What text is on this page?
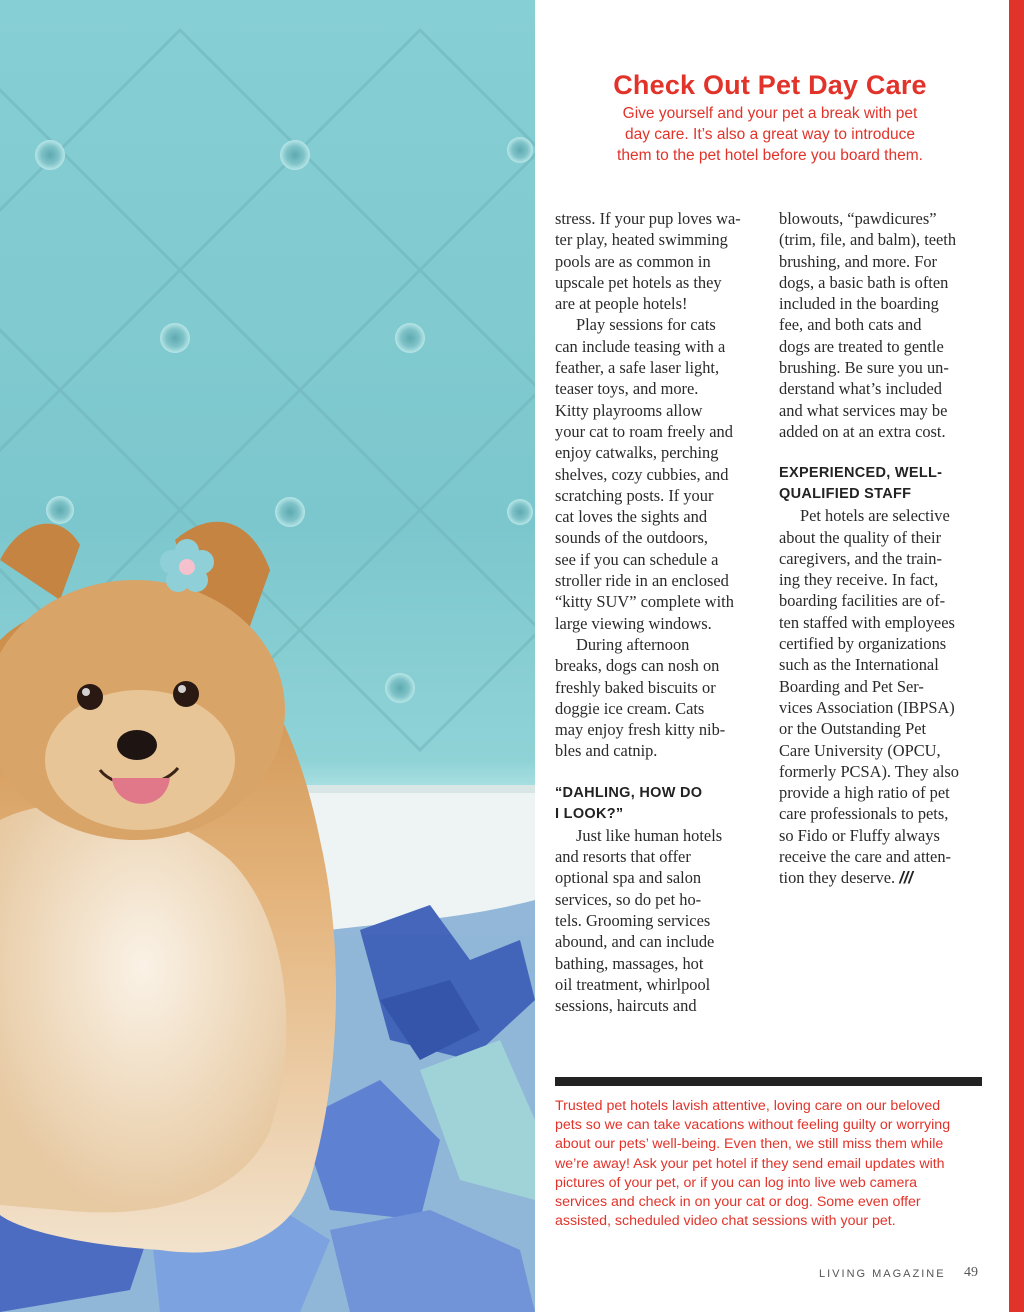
Check Out Pet Day Care
Give yourself and your pet a break with pet
day care. It’s also a great way to introduce
them to the pet hotel before you board them.

stress. If your pup loves wa-
ter play, heated swimming
pools are as common in
upscale pet hotels as they
are at people hotels!

Play sessions for cats
can include teasing with a
feather, a safe laser light,
teaser toys, and more.
Kitty playrooms allow
your cat to roam freely and
enjoy catwalks, perching
shelves, cozy cubbies, and
scratching posts. If your
cat loves the sights and
sounds of the outdoors,
see if you can schedule a
stroller ride in an enclosed
“kitty SUV” complete with
large viewing windows.

During afternoon
breaks, dogs can nosh on
freshly baked biscuits or
doggie ice cream. Cats
may enjoy fresh kitty nib-
bles and catnip.

“DAHLING, HOW DO
I LOOK?”

Just like human hotels
and resorts that offer
optional spa and salon
services, so do pet ho-
tels. Grooming services
abound, and can include
bathing, massages, hot
oil treatment, whirlpool
sessions, haircuts and

blowouts, “pawdicures”
(trim, file, and balm), teeth
brushing, and more. For
dogs, a basic bath is often
included in the boarding
fee, and both cats and
dogs are treated to gentle
brushing. Be sure you un-
derstand what’s included
and what services may be
added on at an extra cost.

EXPERIENCED, WELL-
QUALIFIED STAFF

Pet hotels are selective
about the quality of their
caregivers, and the train-
ing they receive. In fact,
boarding facilities are of-
ten staffed with employees
certified by organizations
such as the International
Boarding and Pet Ser-
vices Association (IBPSA)
or the Outstanding Pet
Care University (OPCU,
formerly PCSA). They also
provide a high ratio of pet
care professionals to pets,
so Fido or Fluffy always
receive the care and atten-
tion they deserve. ///

Trusted pet hotels lavish attentive, loving care on our beloved
pets so we can take vacations without feeling guilty or worrying
about our pets’ well-being. Even then, we still miss them while
we’re away! Ask your pet hotel if they send email updates with
pictures of your pet, or if you can log into live web camera
services and check in on your cat or dog. Some even offer
assisted, scheduled video chat sessions with your pet.
LIVING MAGAZINE 49
